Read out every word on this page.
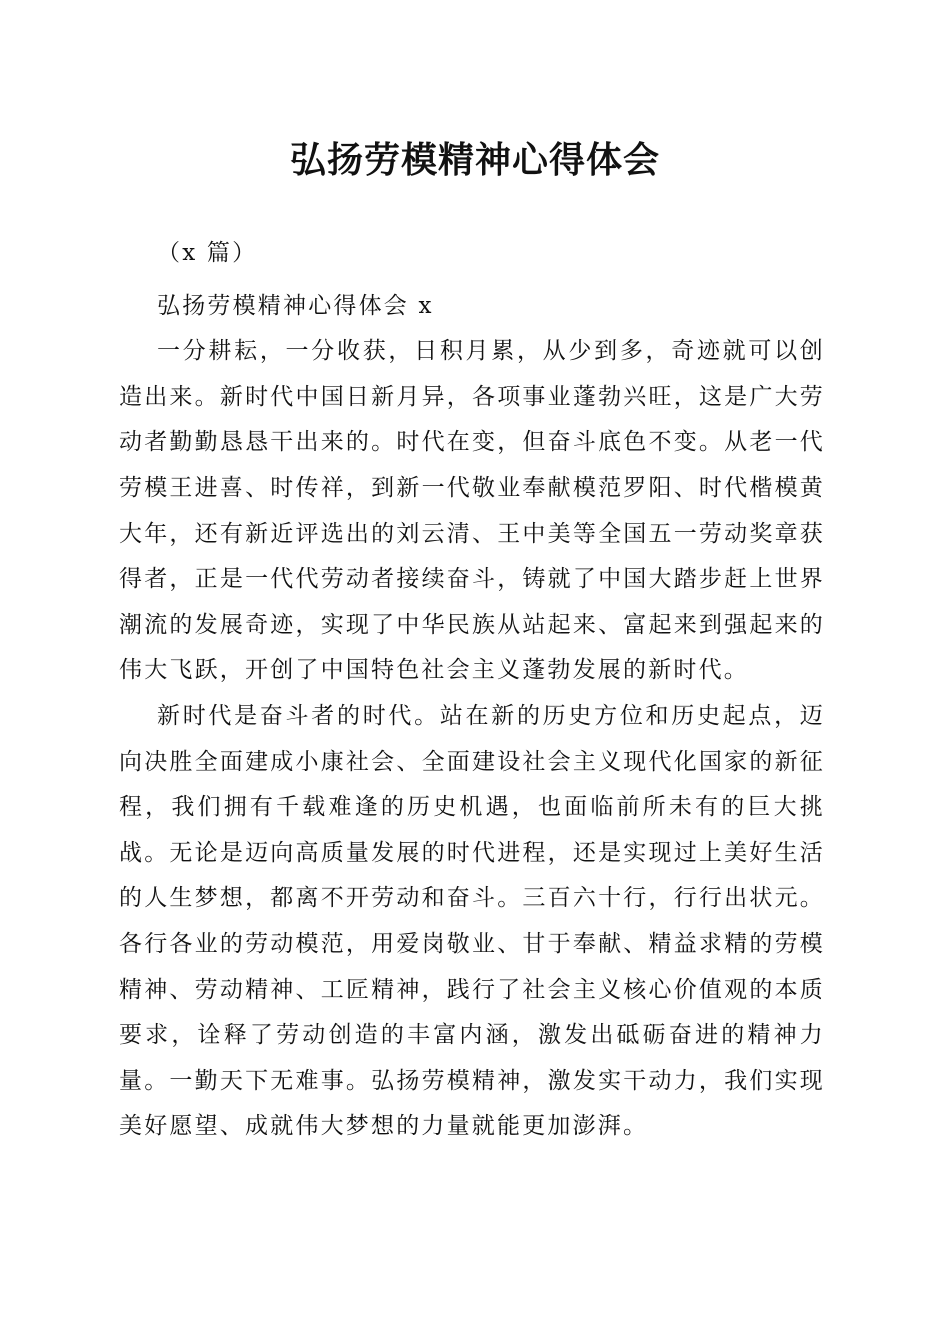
弘扬劳模精神心得体会

（x 篇）

弘扬劳模精神心得体会 x

一分耕耘，一分收获，日积月累，从少到多，奇迹就可以创造出来。新时代中国日新月异，各项事业蓬勃兴旺，这是广大劳动者勤勤恳恳干出来的。时代在变，但奋斗底色不变。从老一代劳模王进喜、时传祥，到新一代敬业奉献模范罗阳、时代楷模黄大年，还有新近评选出的刘云清、王中美等全国五一劳动奖章获得者，正是一代代劳动者接续奋斗，铸就了中国大踏步赶上世界潮流的发展奇迹，实现了中华民族从站起来、富起来到强起来的伟大飞跃，开创了中国特色社会主义蓬勃发展的新时代。

新时代是奋斗者的时代。站在新的历史方位和历史起点，迈向决胜全面建成小康社会、全面建设社会主义现代化国家的新征程，我们拥有千载难逢的历史机遇，也面临前所未有的巨大挑战。无论是迈向高质量发展的时代进程，还是实现过上美好生活的人生梦想，都离不开劳动和奋斗。三百六十行，行行出状元。各行各业的劳动模范，用爱岗敬业、甘于奉献、精益求精的劳模精神、劳动精神、工匠精神，践行了社会主义核心价值观的本质要求，诠释了劳动创造的丰富内涵，激发出砥砺奋进的精神力量。一勤天下无难事。弘扬劳模精神，激发实干动力，我们实现美好愿望、成就伟大梦想的力量就能更加澎湃。
